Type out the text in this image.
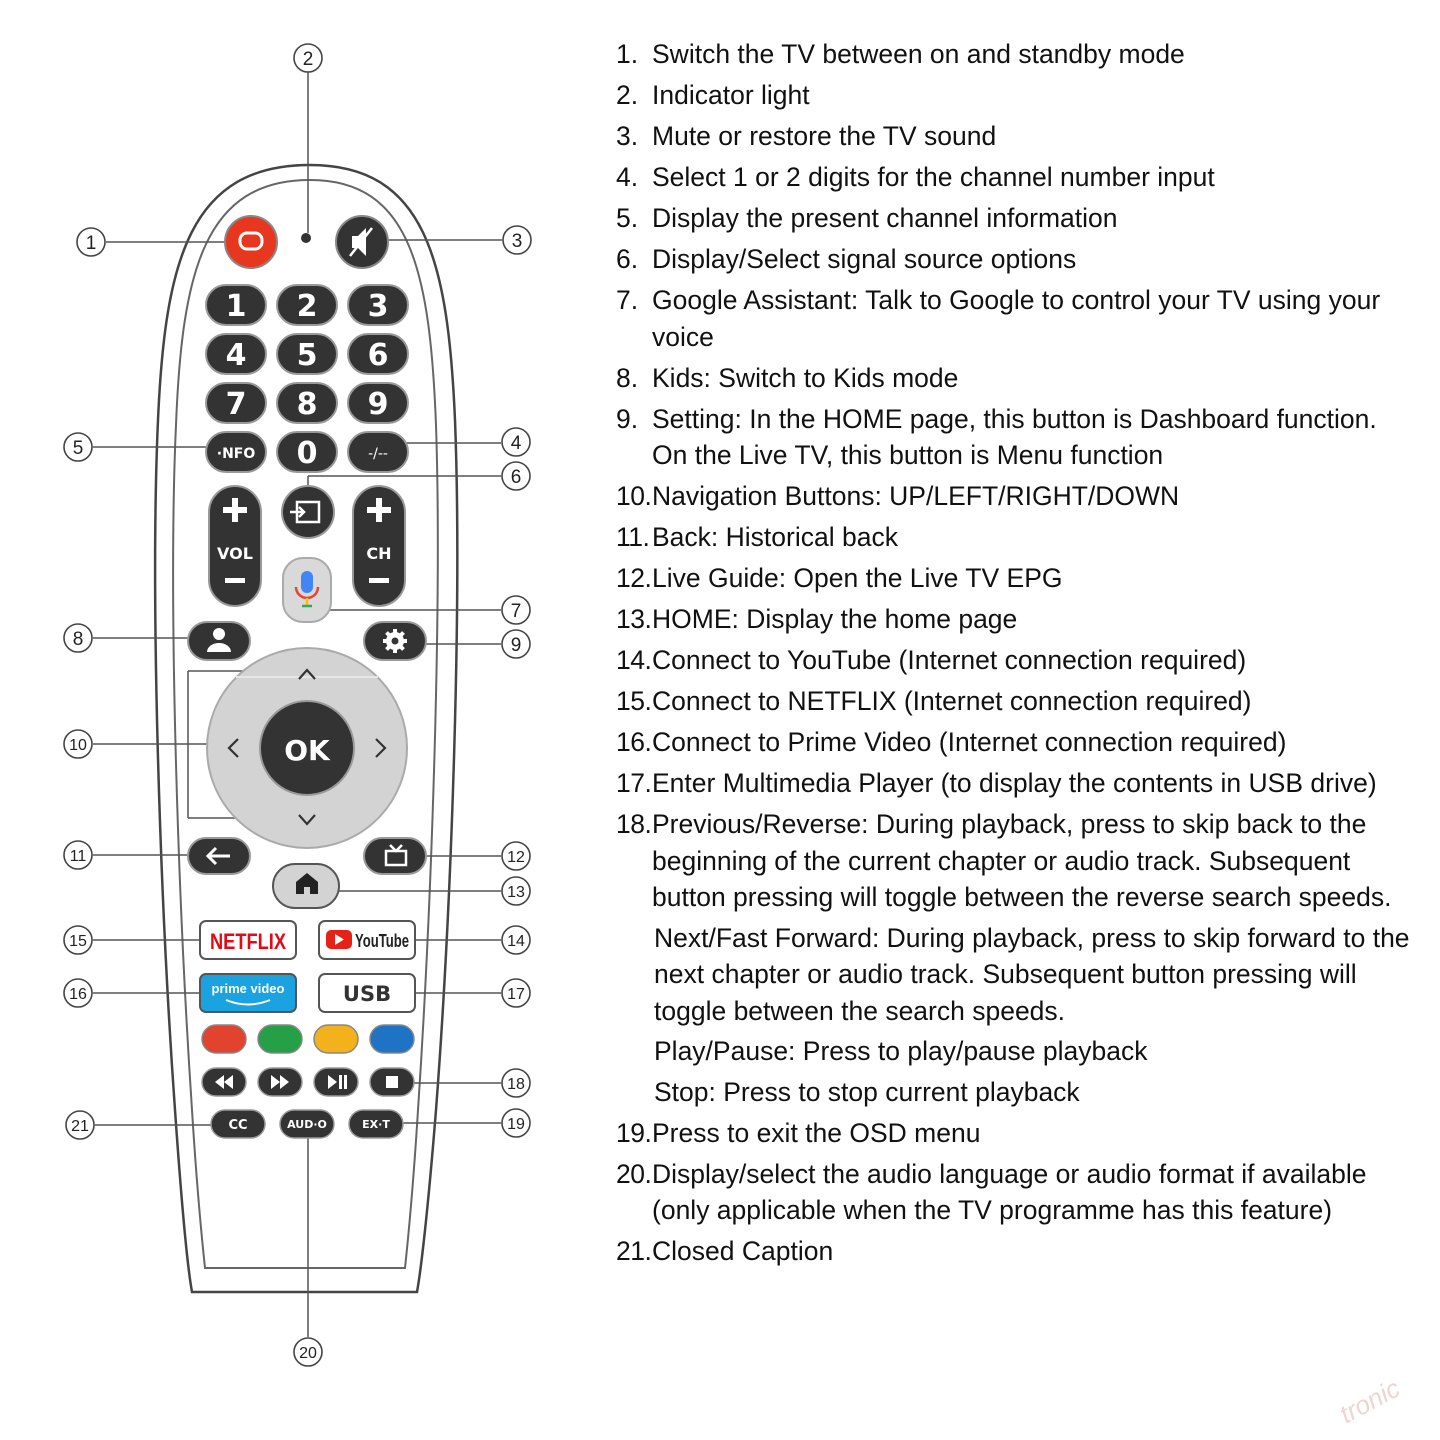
2
1	3
5	4
6
7
8	9
10
11	12
13
15	14
16	17
18
19
21
20
1 2 3
4 5 6
7 8 9
·NFO 0	-/--
VOL	CH
OK
NETFLIX	YouTube
prime video	USB
CC	AUD·O	EX·T
1. Switch the TV between on and standby mode
2. Indicator light
3. Mute or restore the TV sound
4. Select 1 or 2 digits for the channel number input
5. Display the present channel information
6. Display/Select signal source options
7. Google Assistant: Talk to Google to control your TV using your voice
8. Kids: Switch to Kids mode
9. Setting: In the HOME page, this button is Dashboard function. On the Live TV, this button is Menu function
10. Navigation Buttons: UP/LEFT/RIGHT/DOWN
11. Back: Historical back
12. Live Guide: Open the Live TV EPG
13. HOME: Display the home page
14. Connect to YouTube (Internet connection required)
15. Connect to NETFLIX (Internet connection required)
16. Connect to Prime Video (Internet connection required)
17. Enter Multimedia Player (to display the contents in USB drive)
18. Previous/Reverse: During playback, press to skip back to the beginning of the current chapter or audio track. Subsequent button pressing will toggle between the reverse search speeds.
Next/Fast Forward: During playback, press to skip forward to the next chapter or audio track. Subsequent button pressing will toggle between the search speeds.
Play/Pause: Press to play/pause playback
Stop: Press to stop current playback
19. Press to exit the OSD menu
20. Display/select the audio language or audio format if available (only applicable when the TV programme has this feature)
21. Closed Caption
tronic
